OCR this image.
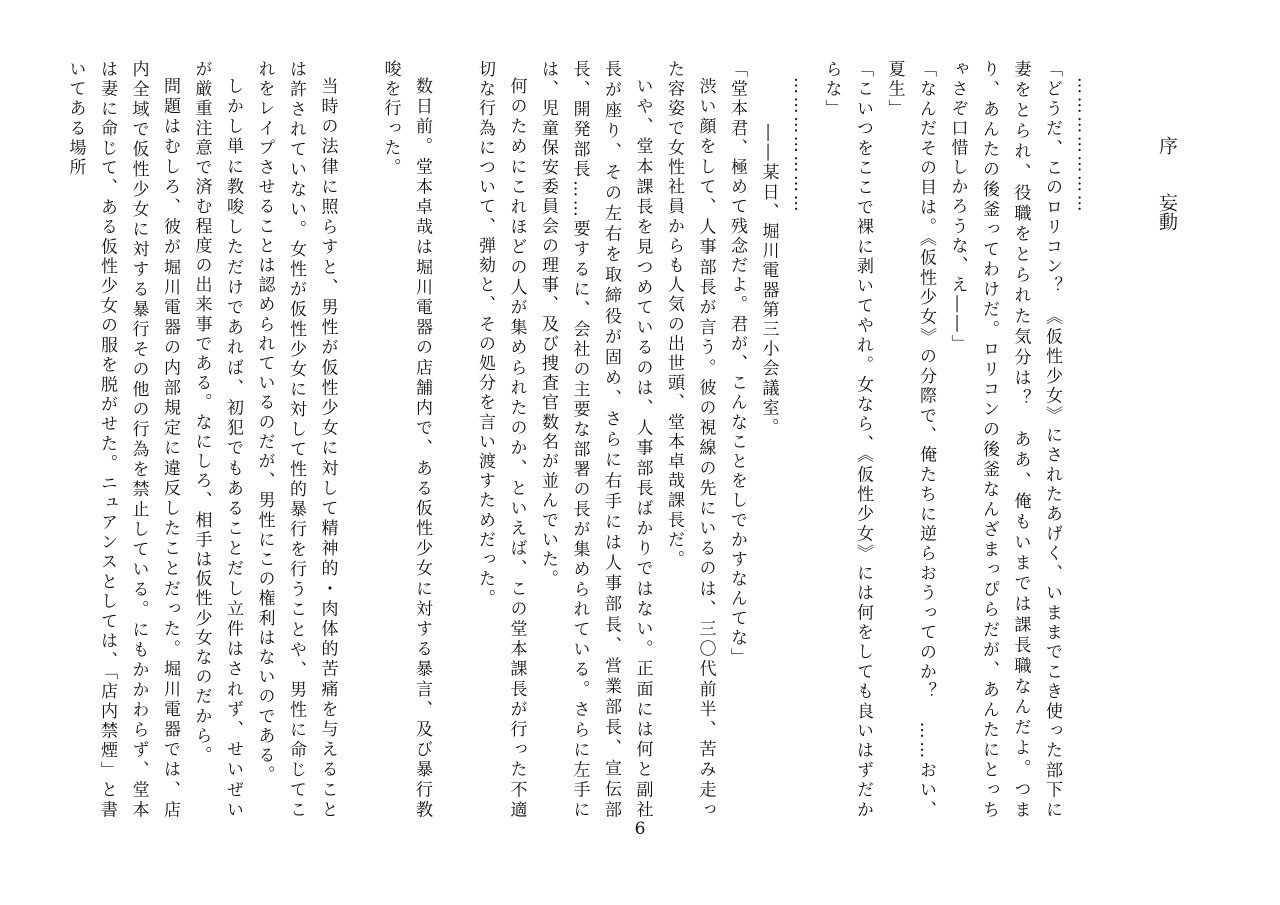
序妄動

…………………

「どうだ、このロリコン？　《仮性少女》にされたあげく、いままでこき使った部下に妻をとられ、役職をとられた気分は？　ああ、俺もいまでは課長職なんだよ。つまり、あんたの後釜ってわけだ。ロリコンの後釜なんざまっぴらだが、あんたにとっちゃさぞ口惜しかろうな、え――」

「なんだその目は。《仮性少女》の分際で、俺たちに逆らおうってのか？　……おい、夏生」

「こいつをここで裸に剥いてやれ。女なら、《仮性少女》には何をしても良いはずだからな」

…………………

――某日、堀川電器第三小会議室。

「堂本君、極めて残念だよ。君が、こんなことをしでかすなんてな」

渋い顔をして、人事部長が言う。彼の視線の先にいるのは、三〇代前半、苦み走った容姿で女性社員からも人気の出世頭、堂本卓哉課長だ。

いや、堂本課長を見つめているのは、人事部長ばかりではない。正面には何と副社長が座り、その左右を取締役が固め、さらに右手には人事部長、営業部長、宣伝部長、開発部長……要するに、会社の主要な部署の長が集められている。さらに左手には、児童保安委員会の理事、及び捜査官数名が並んでいた。

何のためにこれほどの人が集められたのか、といえば、この堂本課長が行った不適切な行為について、弾劾と、その処分を言い渡すためだった。

数日前。堂本卓哉は堀川電器の店舗内で、ある仮性少女に対する暴言、及び暴行教唆を行った。

当時の法律に照らすと、男性が仮性少女に対して精神的・肉体的苦痛を与えることは許されていない。女性が仮性少女に対して性的暴行を行うことや、男性に命じてこれをレイプさせることは認められているのだが、男性にこの権利はないのである。

しかし単に教唆しただけであれば、初犯でもあることだし立件はされず、せいぜいが厳重注意で済む程度の出来事である。なにしろ、相手は仮性少女なのだから。

問題はむしろ、彼が堀川電器の内部規定に違反したことだった。堀川電器では、店内全域で仮性少女に対する暴行その他の行為を禁止している。にもかかわらず、堂本は妻に命じて、ある仮性少女の服を脱がせた。ニュアンスとしては、「店内禁煙」と書いてある場所

6
